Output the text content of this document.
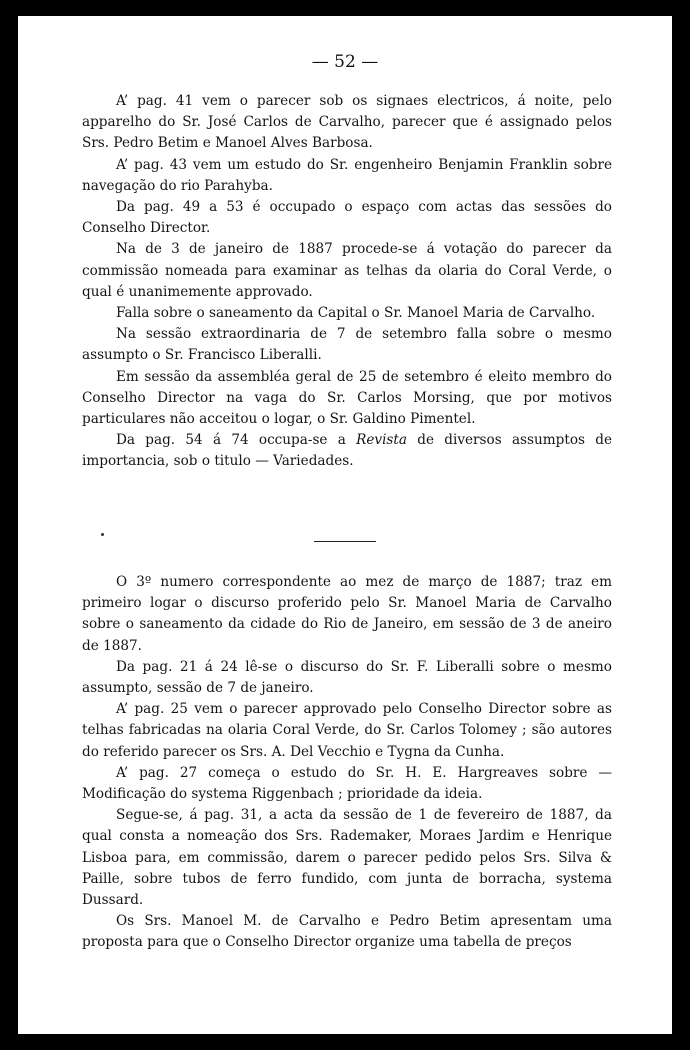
— 52 —

A’ pag. 41 vem o parecer sob os signaes electricos, á noite, pelo apparelho do Sr. José Carlos de Carvalho, parecer que é assignado pelos Srs. Pedro Betim e Manoel Alves Barbosa.

A’ pag. 43 vem um estudo do Sr. engenheiro Benjamin Franklin sobre navegação do rio Parahyba.

Da pag. 49 a 53 é occupado o espaço com actas das sessões do Conselho Director.

Na de 3 de janeiro de 1887 procede-se á votação do parecer da commissão nomeada para examinar as telhas da olaria do Coral Verde, o qual é unanimemente approvado.

Falla sobre o saneamento da Capital o Sr. Manoel Maria de Carvalho.

Na sessão extraordinaria de 7 de setembro falla sobre o mesmo assumpto o Sr. Francisco Liberalli.

Em sessão da assembléa geral de 25 de setembro é eleito membro do Conselho Director na vaga do Sr. Carlos Morsing, que por motivos particulares não acceitou o logar, o Sr. Galdino Pimentel.

Da pag. 54 á 74 occupa-se a Revista de diversos assumptos de importancia, sob o titulo — Variedades.

O 3º numero correspondente ao mez de março de 1887; traz em primeiro logar o discurso proferido pelo Sr. Manoel Maria de Carvalho sobre o saneamento da cidade do Rio de Janeiro, em sessão de 3 de aneiro de 1887.

Da pag. 21 á 24 lê-se o discurso do Sr. F. Liberalli sobre o mesmo assumpto, sessão de 7 de janeiro.

A’ pag. 25 vem o parecer approvado pelo Conselho Director sobre as telhas fabricadas na olaria Coral Verde, do Sr. Carlos Tolomey ; são autores do referido parecer os Srs. A. Del Vecchio e Tygna da Cunha.

A’ pag. 27 começa o estudo do Sr. H. E. Hargreaves sobre — Modificação do systema Riggenbach ; prioridade da ideia.

Segue-se, á pag. 31, a acta da sessão de 1 de fevereiro de 1887, da qual consta a nomeação dos Srs. Rademaker, Moraes Jardim e Henrique Lisboa para, em commissão, darem o parecer pedido pelos Srs. Silva & Paille, sobre tubos de ferro fundido, com junta de borracha, systema Dussard.

Os Srs. Manoel M. de Carvalho e Pedro Betim apresentam uma proposta para que o Conselho Director organize uma tabella de preços
